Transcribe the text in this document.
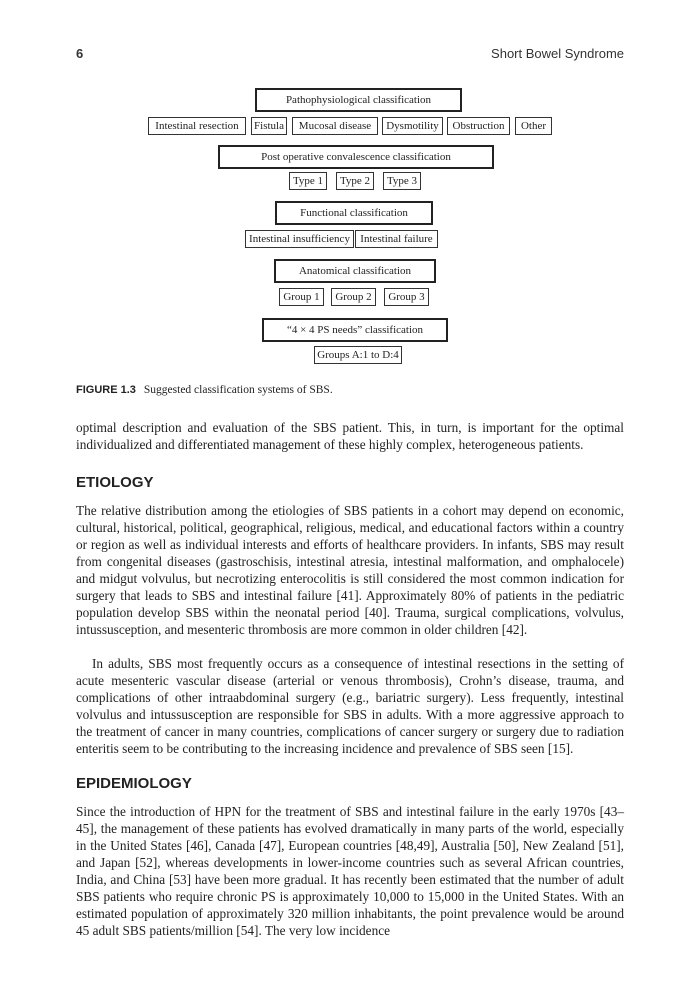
6	Short Bowel Syndrome
Pathophysiological classification
Intestinal resection	Fistula	Mucosal disease	Dysmotility	Obstruction	Other
Post operative convalescence classification
Type 1	Type 2	Type 3
Functional classification
Intestinal insufficiency Intestinal failure
Anatomical classification
Group 1	Group 2	Group 3
“4 × 4 PS needs” classification
Groups A:1 to D:4
FIGURE 1.3 Suggested classification systems of SBS.

optimal description and evaluation of the SBS patient. This, in turn, is important for the optimal individualized and differentiated management of these highly complex, heterogeneous patients.

ETIOLOGY

The relative distribution among the etiologies of SBS patients in a cohort may depend on economic, cultural, historical, political, geographical, religious, medical, and educational factors within a country or region as well as individual interests and efforts of healthcare providers. In infants, SBS may result from congenital diseases (gastroschisis, intestinal atresia, intestinal malformation, and omphalocele) and midgut volvulus, but necrotizing enterocolitis is still considered the most common indication for surgery that leads to SBS and intestinal failure [41]. Approximately 80% of patients in the pediatric population develop SBS within the neonatal period [40]. Trauma, surgical complications, volvulus, intussusception, and mesenteric thrombosis are more common in older children [42].

In adults, SBS most frequently occurs as a consequence of intestinal resections in the setting of acute mesenteric vascular disease (arterial or venous thrombosis), Crohn’s disease, trauma, and complications of other intraabdominal surgery (e.g., bariatric surgery). Less frequently, intestinal volvulus and intussusception are responsible for SBS in adults. With a more aggressive approach to the treatment of cancer in many countries, complications of cancer surgery or surgery due to radiation enteritis seem to be contributing to the increasing incidence and prevalence of SBS seen [15].

EPIDEMIOLOGY

Since the introduction of HPN for the treatment of SBS and intestinal failure in the early 1970s [43–45], the management of these patients has evolved dramatically in many parts of the world, especially in the United States [46], Canada [47], European countries [48,49], Australia [50], New Zealand [51], and Japan [52], whereas developments in lower-income countries such as several African countries, India, and China [53] have been more gradual. It has recently been estimated that the number of adult SBS patients who require chronic PS is approximately 10,000 to 15,000 in the United States. With an estimated population of approximately 320 million inhabitants, the point prevalence would be around 45 adult SBS patients/million [54]. The very low incidence
